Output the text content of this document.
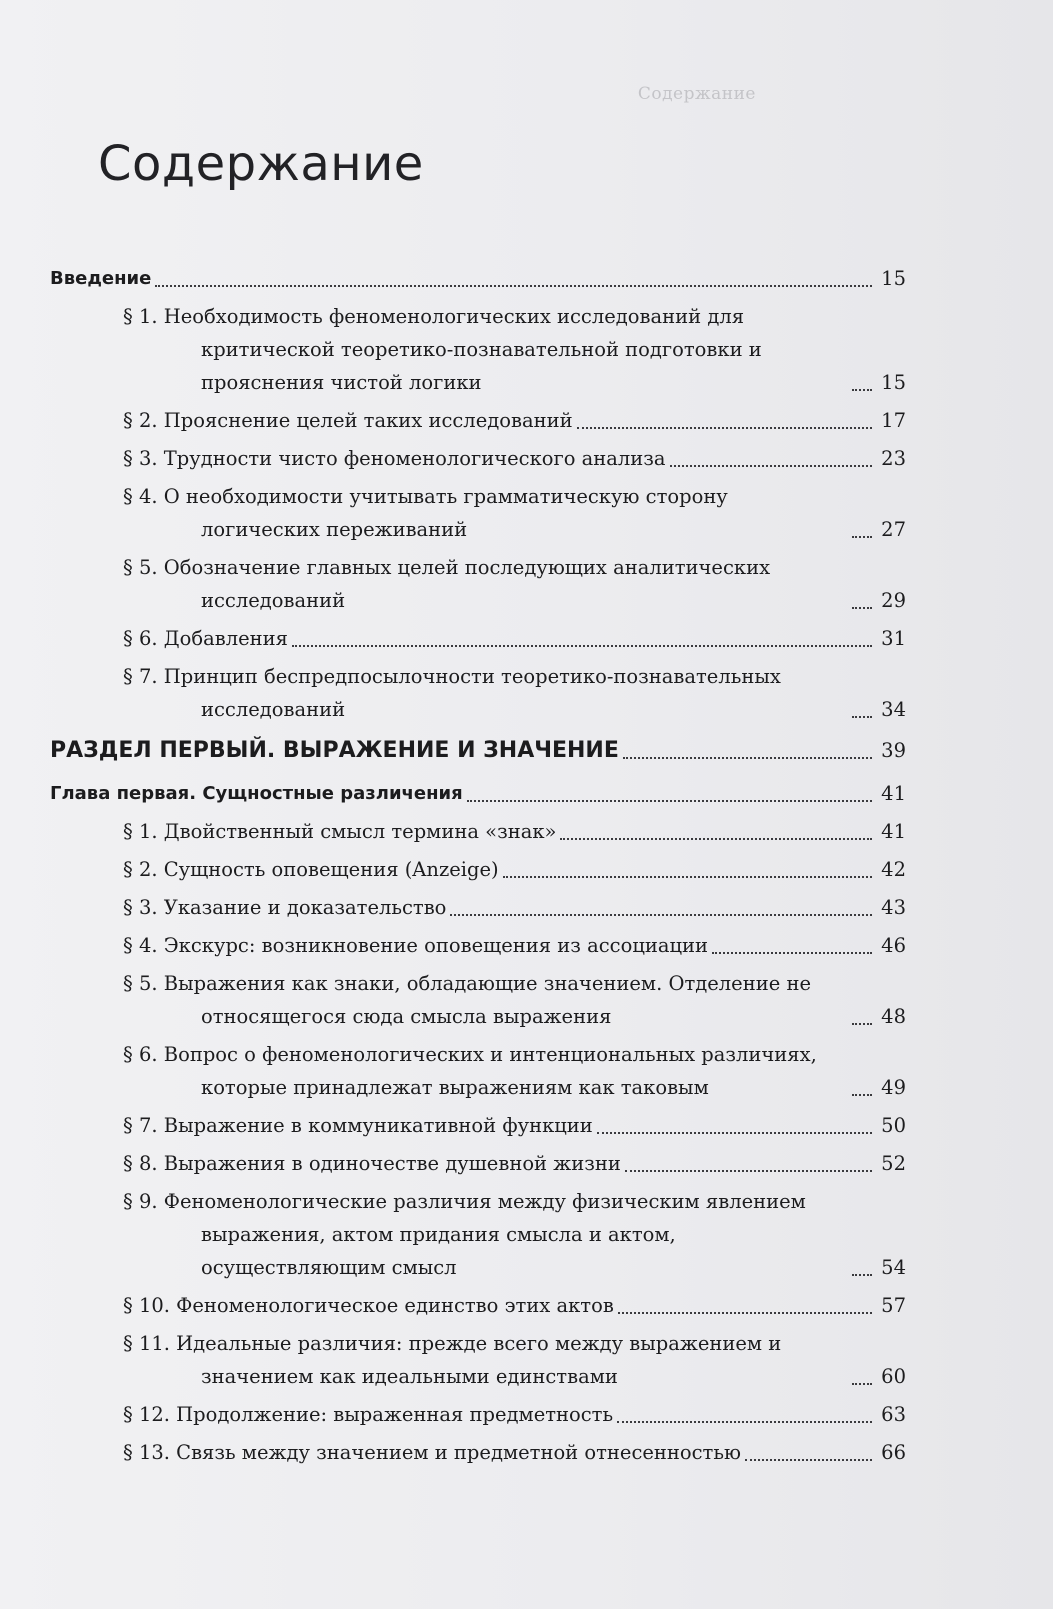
Содержание
Содержание
Введение	15
§ 1. Необходимость феноменологических исследований для критической теоретико-познавательной подготовки и прояснения чистой логики	15
§ 2. Прояснение целей таких исследований	17
§ 3. Трудности чисто феноменологического анализа	23
§ 4. О необходимости учитывать грамматическую сторону логических переживаний	27
§ 5. Обозначение главных целей последующих аналитических исследований	29
§ 6. Добавления	31
§ 7. Принцип беспредпосылочности теоретико-познавательных исследований	34
РАЗДЕЛ ПЕРВЫЙ. ВЫРАЖЕНИЕ И ЗНАЧЕНИЕ	39
Глава первая. Сущностные различения	41
§ 1. Двойственный смысл термина «знак»	41
§ 2. Сущность оповещения (Anzeige)	42
§ 3. Указание и доказательство	43
§ 4. Экскурс: возникновение оповещения из ассоциации	46
§ 5. Выражения как знаки, обладающие значением. Отделение не относящегося сюда смысла выражения	48
§ 6. Вопрос о феноменологических и интенциональных различиях, которые принадлежат выражениям как таковым	49
§ 7. Выражение в коммуникативной функции	50
§ 8. Выражения в одиночестве душевной жизни	52
§ 9. Феноменологические различия между физическим явлением выражения, актом придания смысла и актом, осуществляющим смысл	54
§ 10. Феноменологическое единство этих актов	57
§ 11. Идеальные различия: прежде всего между выражением и значением как идеальными единствами	60
§ 12. Продолжение: выраженная предметность	63
§ 13. Связь между значением и предметной отнесенностью	66
